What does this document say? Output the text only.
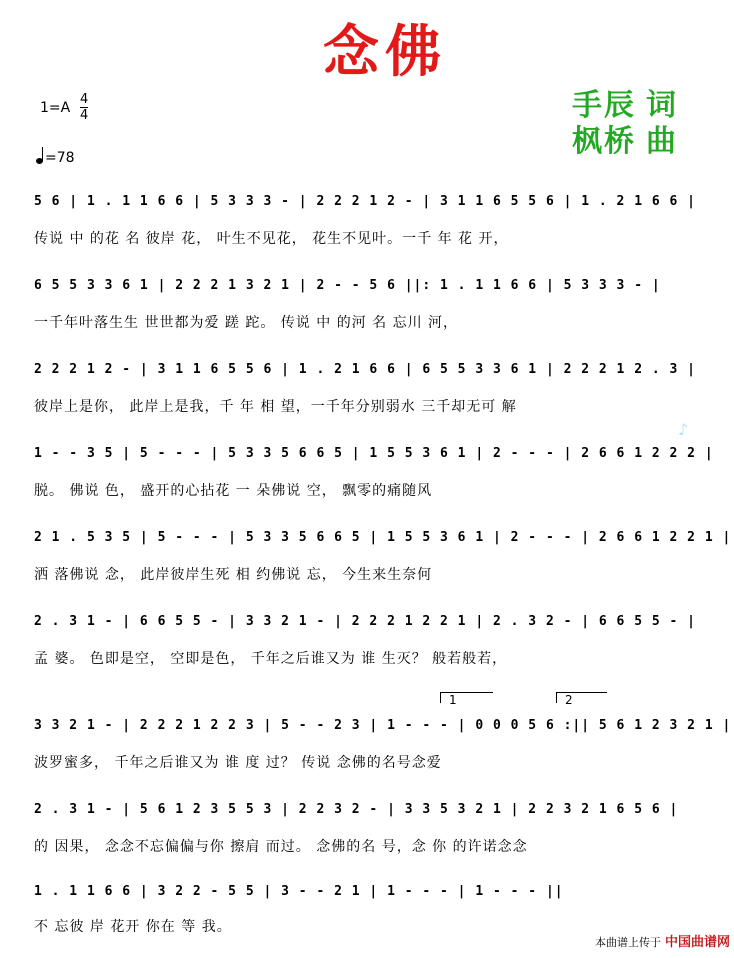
念佛
$1=A \frac{4}{4}$
=78
手辰 词
枫桥 曲
5 6 | 1 . 1 1 6 6 | 5 3 3 3 - | 2 2 2 1 2 - | 3 1 1 6 5 5 6 | 1 . 2 1 6 6 |
传说 中 的花 名 彼岸 花， 叶生不见花， 花生不见叶。一千 年 花 开，
6 5 5 3 3 6 1 | 2 2 2 1 3 2 1 | 2 - - 5 6 ||: 1 . 1 1 6 6 | 5 3 3 3 - |
一千年叶落生生 世世都为爱 蹉 跎。 传说 中 的河 名 忘川 河，
2 2 2 1 2 - | 3 1 1 6 5 5 6 | 1 . 2 1 6 6 | 6 5 5 3 3 6 1 | 2 2 2 1 2 . 3 |
彼岸上是你， 此岸上是我，千 年 相 望，一千年分别弱水 三千却无可 解
1 - - 3 5 | 5 - - - | 5 3 3 5 6 6 5 | 1 5 5 3 6 1 | 2 - - - | 2 6 6 1 2 2 2 |
脱。 佛说 色， 盛开的心拈花 一 朵佛说 空， 飘零的痛随风
2 1 . 5 3 5 | 5 - - - | 5 3 3 5 6 6 5 | 1 5 5 3 6 1 | 2 - - - | 2 6 6 1 2 2 1 |
洒 落佛说 念， 此岸彼岸生死 相 约佛说 忘， 今生来生奈何
2 . 3 1 - | 6 6 5 5 - | 3 3 2 1 - | 2 2 2 1 2 2 1 | 2 . 3 2 - | 6 6 5 5 - |
孟 婆。 色即是空， 空即是色， 千年之后谁又为 谁 生灭？ 般若般若，
1	2
3 3 2 1 - | 2 2 2 1 2 2 3 | 5 - - 2 3 | 1 - - - | 0 0 0 5 6 :|| 5 6 1 2 3 2 1 |
波罗蜜多， 千年之后谁又为 谁 度 过？ 传说 念佛的名号念爱
2 . 3 1 - | 5 6 1 2 3 5 5 3 | 2 2 3 2 - | 3 3 5 3 2 1 | 2 2 3 2 1 6 5 6 |
的 因果， 念念不忘偏偏与你 擦肩 而过。 念佛的名 号，念 你 的许诺念念
1 . 1 1 6 6 | 3 2 2 - 5 5 | 3 - - 2 1 | 1 - - - | 1 - - - ||
不 忘彼 岸 花开 你在 等 我。
♪
本曲谱上传于 中国曲谱网
